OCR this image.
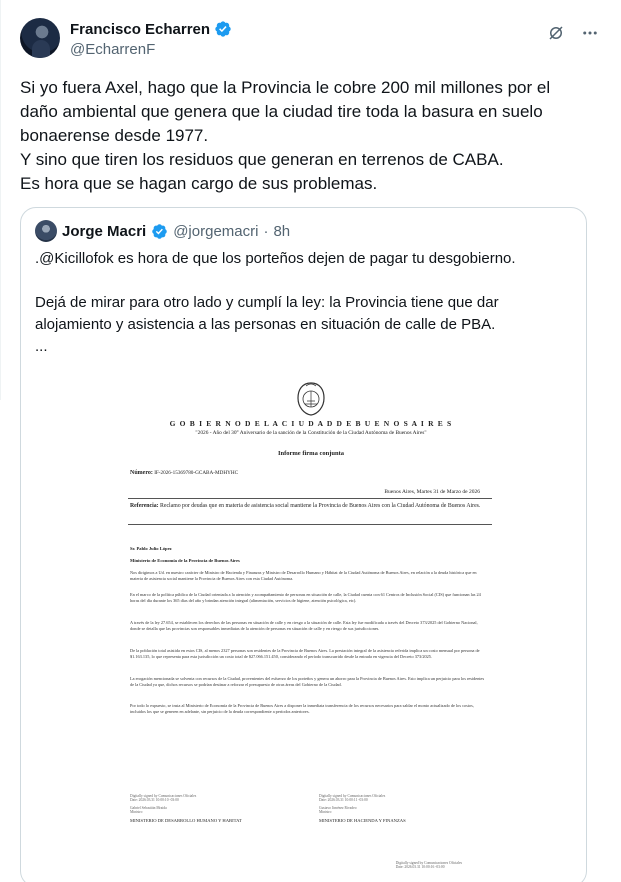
Francisco Echarren
@EcharrenF

Si yo fuera Axel, hago que la Provincia le cobre 200 mil millones por el

daño ambiental que genera que la ciudad tire toda la basura en suelo

bonaerense desde 1977.

Y sino que tiren los residuos que generan en terrenos de CABA.

Es hora que se hagan cargo de sus problemas.

Jorge Macri @jorgemacri · 8h

.@Kicillofok es hora de que los porteños dejen de pagar tu desgobierno.

Dejá de mirar para otro lado y cumplí la ley: la Provincia tiene que dar

alojamiento y asistencia a las personas en situación de calle de PBA.

...

G O B I E R N O D E L A C I U D A D D E B U E N O S A I R E S
"2026 - Año del 30° Aniversario de la sanción de la Constitución de la Ciudad Autónoma de Buenos Aires"
Informe firma conjunta
Número: IF-2026-15369780-GCABA-MDHYHC
Buenos Aires, Martes 31 de Marzo de 2026
Referencia: Reclamo por deudas que en materia de asistencia social mantiene la Provincia de Buenos Aires con la Ciudad Autónoma de Buenos Aires.
Sr. Pablo Julio López
Ministerio de Economía de la Provincia de Buenos Aires
Nos dirigimos a Ud. en nuestro carácter de Ministro de Hacienda y Finanzas y Ministro de Desarrollo Humano y Hábitat de la Ciudad Autónoma de Buenos Aires, en relación a la deuda histórica que en materia de asistencia social mantiene la Provincia de Buenos Aires con esta Ciudad Autónoma.
En el marco de la política pública de la Ciudad orientada a la atención y acompañamiento de personas en situación de calle, la Ciudad cuenta con 61 Centros de Inclusión Social (CIS) que funcionan las 24 horas del día durante los 365 días del año y brindan atención integral (alimentación, servicios de higiene, atención psicológica, etc).
A través de la ley 27.654, se establecen los derechos de las personas en situación de calle y en riesgo a la situación de calle. Esta ley fue modificada a través del Decreto 373/2025 del Gobierno Nacional, donde se detalla que las provincias son responsables inmediatas de la atención de personas en situación de calle y en riesgo de sus jurisdicciones.
De la población total asistida en estos CIS, al menos 2327 personas son residentes de la Provincia de Buenos Aires. La prestación integral de la asistencia referida implica un costo mensual por persona de $1.163.135, lo que representa para esta jurisdicción un costo total de $27.066.151.450, considerando el período transcurrido desde la entrada en vigencia del Decreto 373/2025.
La erogación mencionada se solventa con recursos de la Ciudad, provenientes del esfuerzo de los porteños y genera un ahorro para la Provincia de Buenos Aires. Esto implica un perjuicio para los residentes de la Ciudad ya que, dichos recursos se podrían destinar a reforzar el presupuesto de otras áreas del Gobierno de la Ciudad.
Por todo lo expuesto, se insta al Ministerio de Economía de la Provincia de Buenos Aires a disponer la inmediata transferencia de los recursos necesarios para saldar el monto actualizado de los costos, incluidos los que se generen en adelante, sin perjuicio de la deuda correspondiente a períodos anteriores.
Digitally signed by Comunicaciones Oficiales
Date: 2026.03.31 10:00:10 -03:00
Gabriel Sebastián Mraida
Ministro
MINISTERIO DE DESARROLLO HUMANO Y HABITAT
Digitally signed by Comunicaciones Oficiales
Date: 2026.03.31 10:00:11 -03:00
Gustavo Jiménez Rivadeo
Ministro
MINISTERIO DE HACIENDA Y FINANZAS
Digitally signed by Comunicaciones Oficiales
Date: 2026.03.31 10:00:16 -03:00
